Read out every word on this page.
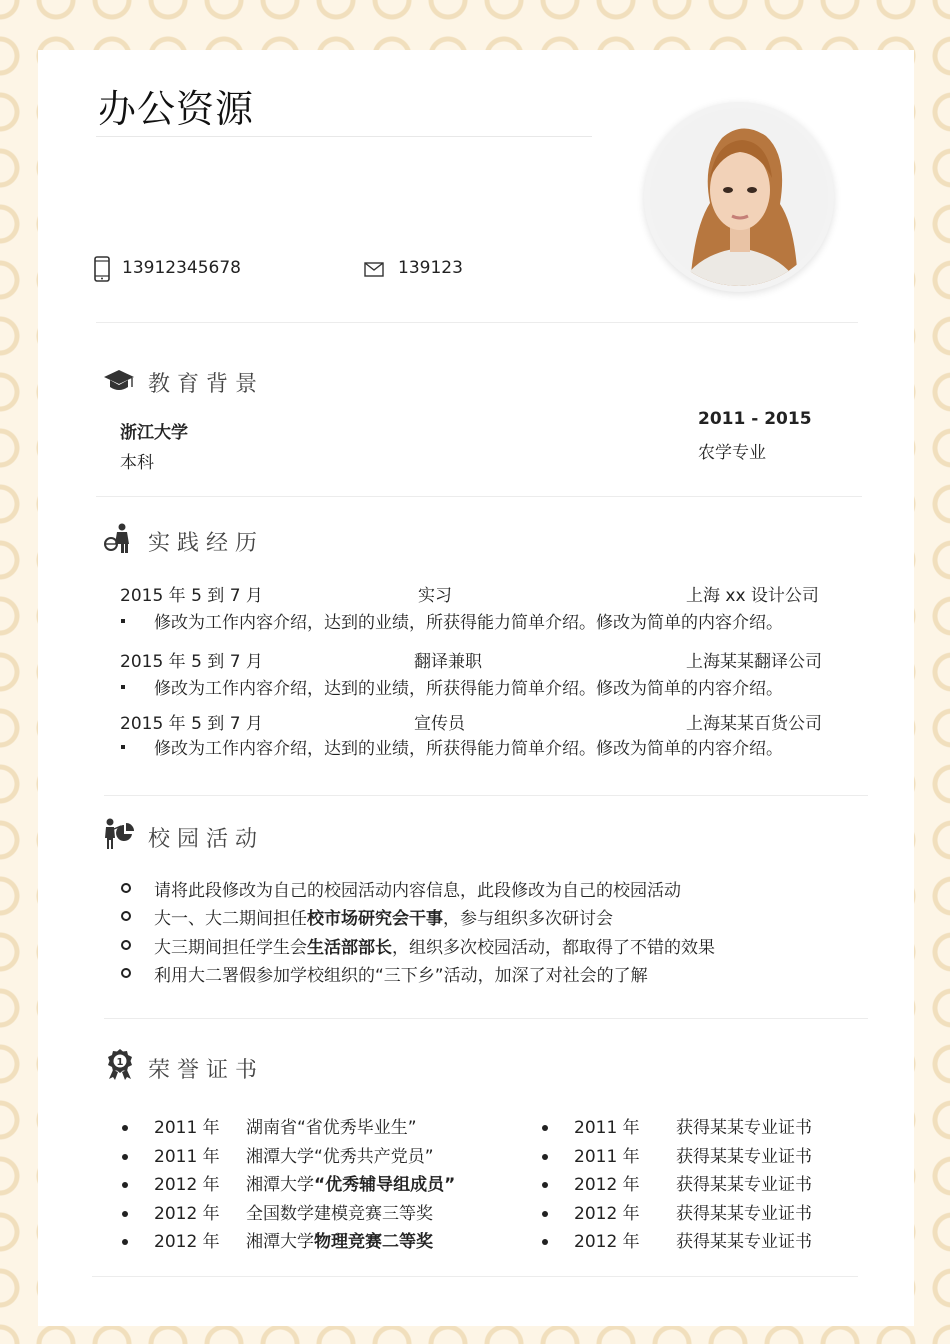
办公资源
13912345678	139123
教育背景
浙江大学
本科
2011 - 2015
农学专业
实践经历
2015 年 5 到 7 月	实习	上海 xx 设计公司
修改为工作内容介绍，达到的业绩，所获得能力简单介绍。修改为简单的内容介绍。
2015 年 5 到 7 月	翻译兼职	上海某某翻译公司
修改为工作内容介绍，达到的业绩，所获得能力简单介绍。修改为简单的内容介绍。
2015 年 5 到 7 月	宣传员	上海某某百货公司
修改为工作内容介绍，达到的业绩，所获得能力简单介绍。修改为简单的内容介绍。
校园活动
请将此段修改为自己的校园活动内容信息，此段修改为自己的校园活动
大一、大二期间担任校市场研究会干事，参与组织多次研讨会
大三期间担任学生会生活部部长，组织多次校园活动，都取得了不错的效果
利用大二署假参加学校组织的“三下乡”活动，加深了对社会的了解
1 荣誉证书
2011 年 湖南省“省优秀毕业生”
2011 年 湘潭大学“优秀共产党员”
2012 年 湘潭大学“优秀辅导组成员”
2012 年 全国数学建模竞赛三等奖
2012 年 湘潭大学物理竞赛二等奖
2011 年 获得某某专业证书
2011 年 获得某某专业证书
2012 年 获得某某专业证书
2012 年 获得某某专业证书
2012 年 获得某某专业证书
